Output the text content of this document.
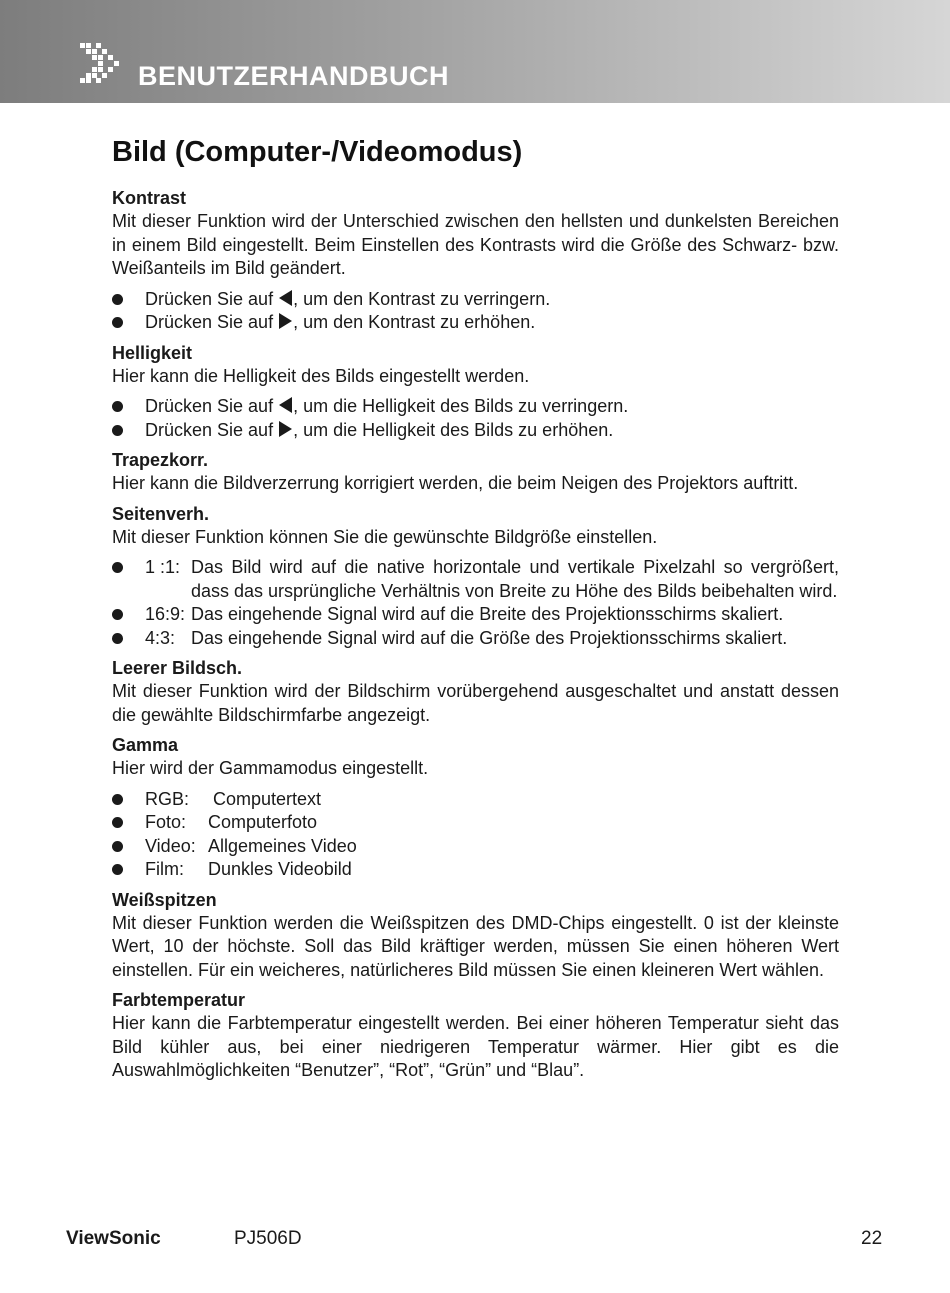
BENUTZERHANDBUCH
Bild (Computer-/Videomodus)

Kontrast

Mit dieser Funktion wird der Unterschied zwischen den hellsten und dunkelsten Bereichen in einem Bild eingestellt. Beim Einstellen des Kontrasts wird die Größe des Schwarz- bzw. Weißanteils im Bild geändert.

Drücken Sie auf , um den Kontrast zu verringern.
Drücken Sie auf , um den Kontrast zu erhöhen.

Helligkeit

Hier kann die Helligkeit des Bilds eingestellt werden.

Drücken Sie auf , um die Helligkeit des Bilds zu verringern.
Drücken Sie auf , um die Helligkeit des Bilds zu erhöhen.

Trapezkorr.

Hier kann die Bildverzerrung korrigiert werden, die beim Neigen des Projektors auftritt.

Seitenverh.

Mit dieser Funktion können Sie die gewünschte Bildgröße einstellen.

1 :1: Das Bild wird auf die native horizontale und vertikale Pixelzahl so vergrößert, dass das ursprüngliche Verhältnis von Breite zu Höhe des Bilds beibehalten wird.
16:9: Das eingehende Signal wird auf die Breite des Projektionsschirms skaliert.
4:3: Das eingehende Signal wird auf die Größe des Projektionsschirms skaliert.

Leerer Bildsch.

Mit dieser Funktion wird der Bildschirm vorübergehend ausgeschaltet und anstatt dessen die gewählte Bildschirmfarbe angezeigt.

Gamma

Hier wird der Gammamodus eingestellt.

RGB: Computertext
Foto: Computerfoto
Video: Allgemeines Video
Film: Dunkles Videobild

Weißspitzen

Mit dieser Funktion werden die Weißspitzen des DMD-Chips eingestellt. 0 ist der kleinste Wert, 10 der höchste. Soll das Bild kräftiger werden, müssen Sie einen höheren Wert einstellen. Für ein weicheres, natürlicheres Bild müssen Sie einen kleineren Wert wählen.

Farbtemperatur

Hier kann die Farbtemperatur eingestellt werden. Bei einer höheren Temperatur sieht das Bild kühler aus, bei einer niedrigeren Temperatur wärmer. Hier gibt es die Auswahlmöglichkeiten “Benutzer”, “Rot”, “Grün” und “Blau”.

ViewSonic	PJ506D	22
